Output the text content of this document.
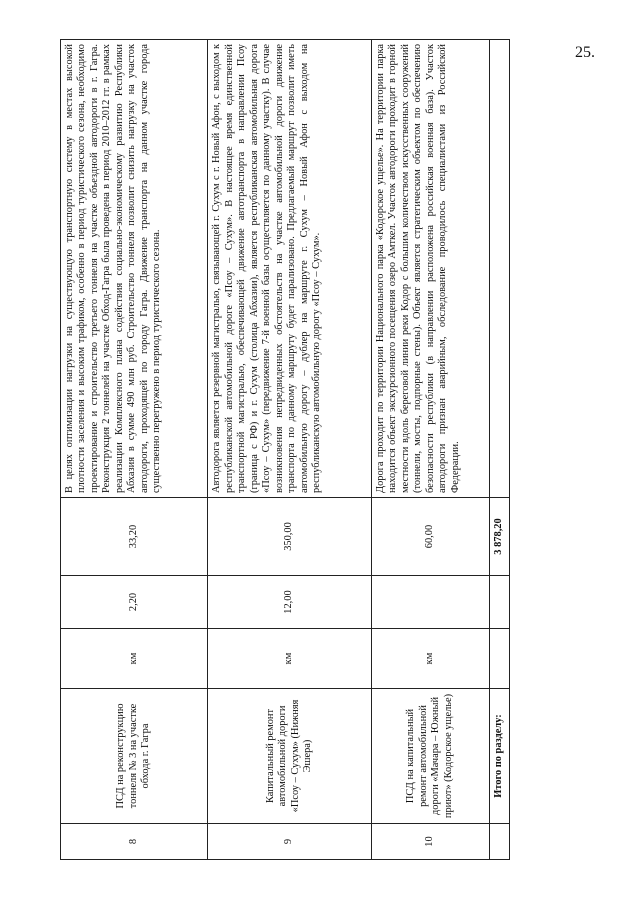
25.
8	ПСД на реконструкцию тоннеля № 3 на участке обхода г. Гагра	км	2,20	33,20	В целях оптимизации нагрузки на существующую транспортную систему в местах высокой плотности заселения и высоким трафиком, особенно в период туристического сезона, необходимо проектирование и строительство третьего тоннеля на участке объездной автодороги в г. Гагра. Реконструкция 2 тоннелей на участке Обход-Гагра была проведена в период 2010–2012 гг. в рамках реализации Комплексного плана содействия социально-экономическому развитию Республики Абхазия в сумме 490 млн руб. Строительство тоннеля позволит снизить нагрузку на участок автодороги, проходящей по городу Гагра. Движение транспорта на данном участке города существенно перегружено в период туристического сезона.
9	Капитальный ремонт автомобильной дороги «Псоу – Сухум» (Нижняя Эшера)	км	12,00	350,00	Автодорога является резервной магистралью, связывающей г. Сухум с г. Новый Афон, с выходом к республиканской автомобильной дороге «Псоу – Сухум». В настоящее время единственной транспортной магистралью, обеспечивающей движение автотранспорта в направлении Псоу (граница с РФ) и г. Сухум (столица Абхазии), является республиканская автомобильная дорога «Псоу – Сухум» (передвижение 7-й военной базы осуществляется по данному участку). В случае возникновения непредвиденных обстоятельств на участке автомобильной дороги движение транспорта по данному маршруту будет парализовано. Предлагаемый маршрут позволит иметь автомобильную дорогу – дублер на маршруте г. Сухум – Новый Афон с выходом на республиканскую автомобильную дорогу «Псоу – Сухум».
10	ПСД на капитальный ремонт автомобильной дороги «Мачара – Южный приют» (Кодорское ущелье)	км		60,00	Дорога проходит по территории Национального парка «Кодорское ущелье». На территории парка находится объект экскурсионного посещения озеро Амткел. Участок автодороги проходит в горной местности вдоль береговой линии реки Кодор с большим количеством искусственных сооружений (тоннели, мосты, подпорные стены). Объект является стратегическим объектом по обеспечению безопасности республики (в направлении расположена российская военная база). Участок автодороги признан аварийным, обследование проводилось специалистами из Российской Федерации.
	Итого по разделу:			3 878,20	
